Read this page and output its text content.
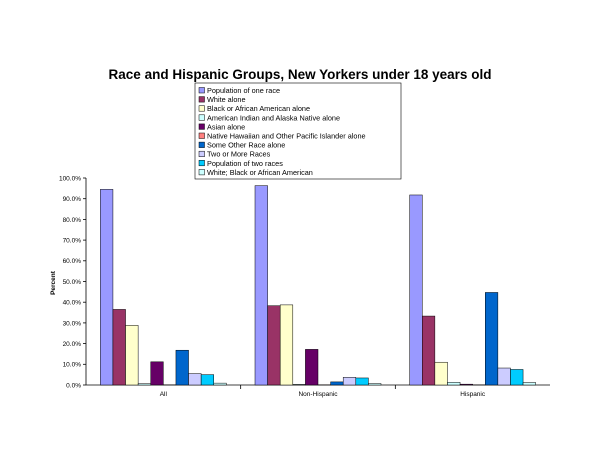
Race and Hispanic Groups, New Yorkers under 18 years old
Population of one race
White alone
Black or African American alone
American Indian and Alaska Native alone
Asian alone
Native Hawaiian and Other Pacific Islander alone
Some Other Race alone
Two or More Races
Population of two races
White; Black or African American
0.0%
10.0%
20.0%
30.0%
40.0%
50.0%
60.0%
70.0%
80.0%
90.0%
100.0%
All	Non-Hispanic	Hispanic
Percent
